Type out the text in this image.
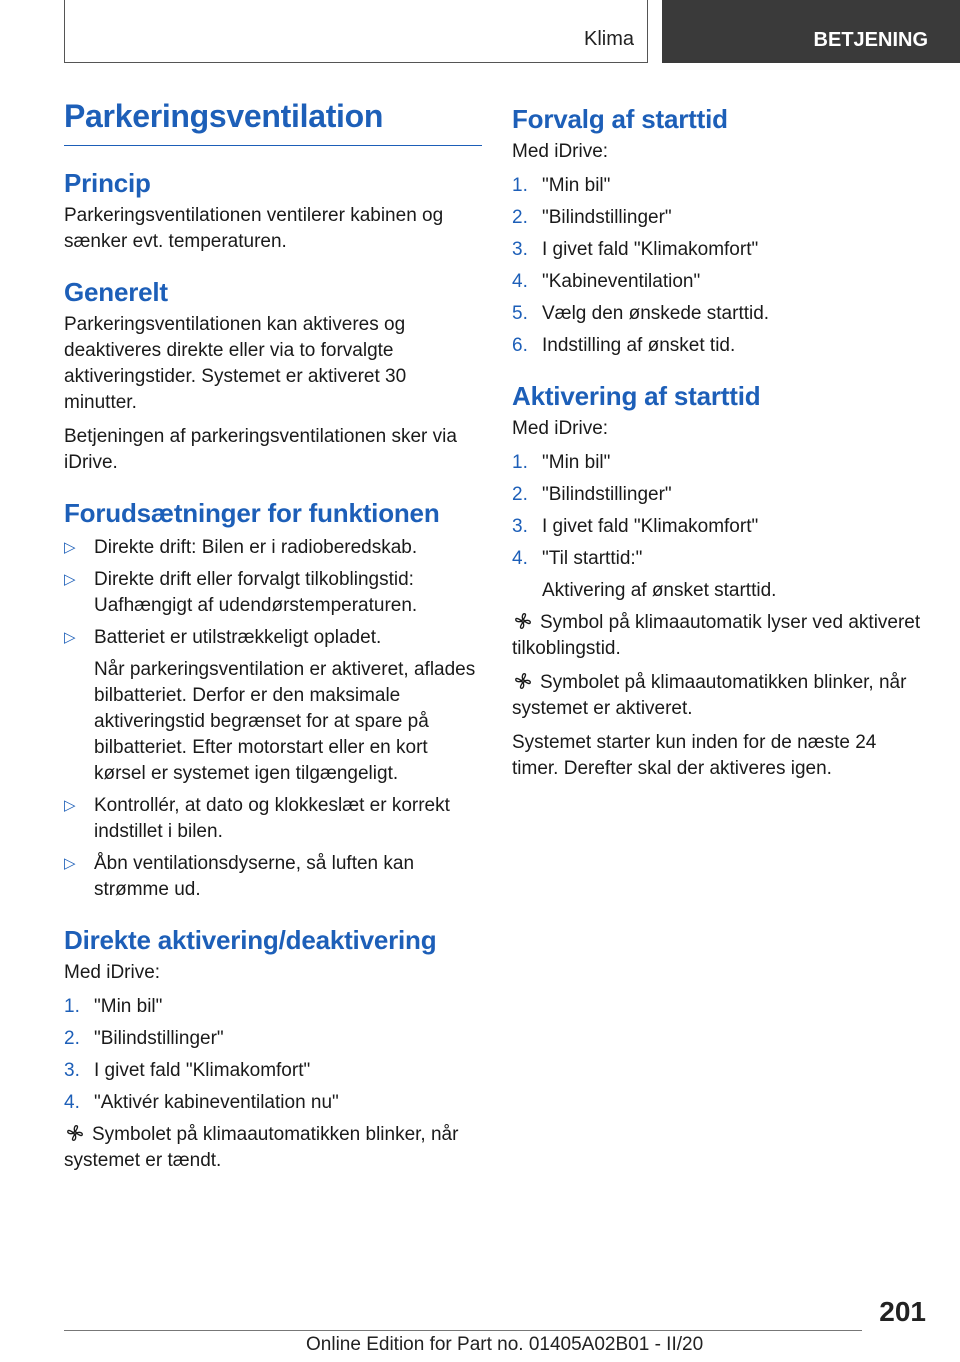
Klima	BETJENING
Parkeringsventilation
Princip

Parkeringsventilationen ventilerer kabinen og sænker evt. temperaturen.

Generelt

Parkeringsventilationen kan aktiveres og deaktiveres direkte eller via to forvalgte aktiveringstider. Systemet er aktiveret 30 minutter.

Betjeningen af parkeringsventilationen sker via iDrive.

Forudsætninger for funktionen
▷ Direkte drift: Bilen er i radioberedskab.
▷ Direkte drift eller forvalgt tilkoblingstid: Uafhængigt af udendørstemperaturen.
▷ Batteriet er utilstrækkeligt opladet.
Når parkeringsventilation er aktiveret, aflades bilbatteriet. Derfor er den maksimale aktiveringstid begrænset for at spare på bilbatteriet. Efter motorstart eller en kort kørsel er systemet igen tilgængeligt.
▷ Kontrollér, at dato og klokkeslæt er korrekt indstillet i bilen.
▷ Åbn ventilationsdyserne, så luften kan strømme ud.
Direkte aktivering/deaktivering

Med iDrive:

1. "Min bil"
2. "Bilindstillinger"
3. I givet fald "Klimakomfort"
4. "Aktivér kabineventilation nu"

Symbolet på klimaautomatikken blinker, når systemet er tændt.

Forvalg af starttid

Med iDrive:

1. "Min bil"
2. "Bilindstillinger"
3. I givet fald "Klimakomfort"
4. "Kabineventilation"
5. Vælg den ønskede starttid.
6. Indstilling af ønsket tid.
Aktivering af starttid

Med iDrive:

1. "Min bil"
2. "Bilindstillinger"
3. I givet fald "Klimakomfort"
4. "Til starttid:"
Aktivering af ønsket starttid.

Symbol på klimaautomatik lyser ved aktiveret tilkoblingstid.

Symbolet på klimaautomatikken blinker, når systemet er aktiveret.

Systemet starter kun inden for de næste 24 timer. Derefter skal der aktiveres igen.

201
Online Edition for Part no. 01405A02B01 - II/20
